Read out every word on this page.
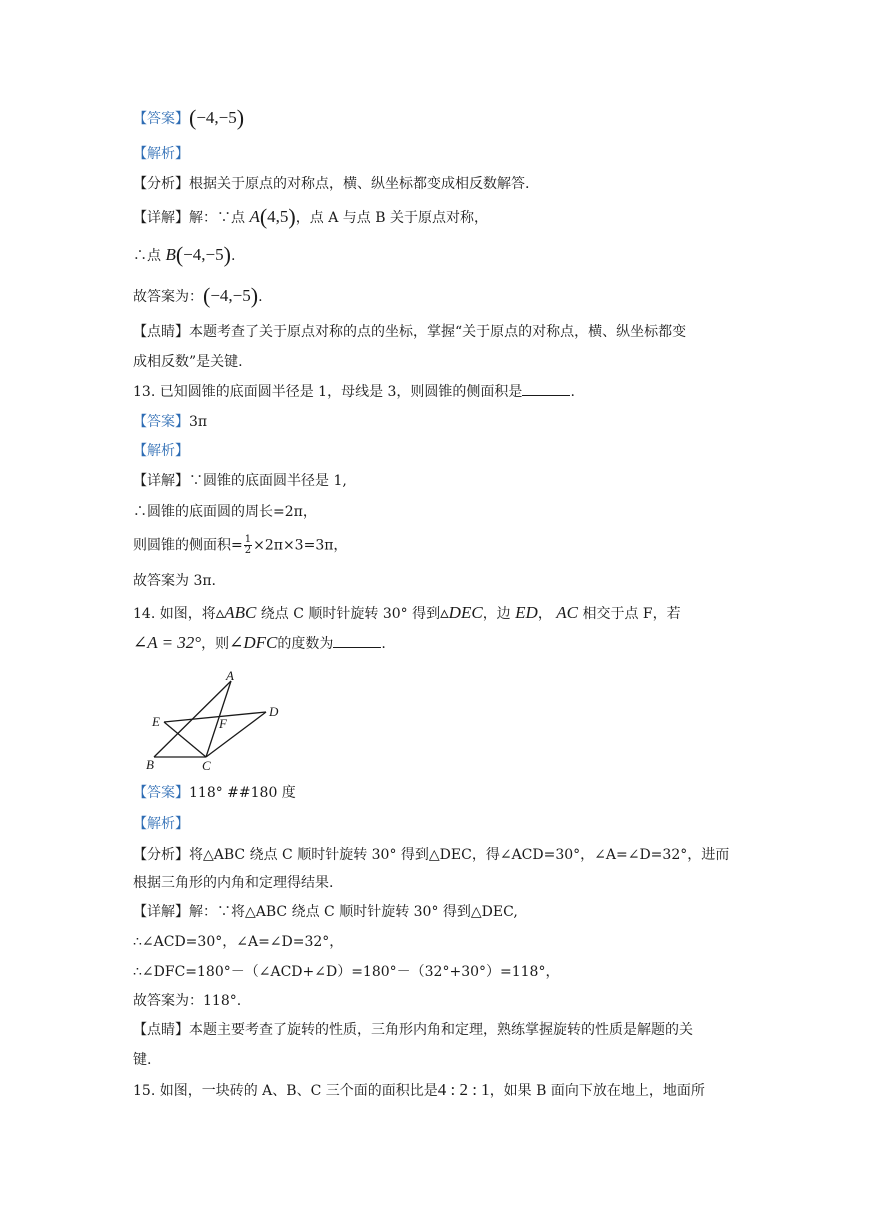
【答案】(−4,−5)
【解析】
【分析】根据关于原点的对称点，横、纵坐标都变成相反数解答.
【详解】解：∵点 A(4,5)，点 A 与点 B 关于原点对称，
∴点 B(−4,−5).
故答案为：(−4,−5).
【点睛】本题考查了关于原点对称的点的坐标，掌握“关于原点的对称点，横、纵坐标都变
成相反数”是关键.
13. 已知圆锥的底面圆半径是 1，母线是 3，则圆锥的侧面积是	.
【答案】3π
【解析】
【详解】∵圆锥的底面圆半径是 1,
∴圆锥的底面圆的周长=2π，
则圆锥的侧面积= $\frac{1}{2} \times 2\pi\times 3=3\pi$，
故答案为 3π.
14. 如图，将▵ABC 绕点 C 顺时针旋转 30° 得到▵DEC，边 ED， AC 相交于点 F，若
∠A = 32°，则∠DFC的度数为	.
A
B	C
D
E	F
【答案】118° ##180 度
【解析】
【分析】将△ABC 绕点 C 顺时针旋转 30° 得到△DEC，得∠ACD=30°，∠A=∠D=32°，进而
根据三角形的内角和定理得结果.
【详解】解：∵将△ABC 绕点 C 顺时针旋转 30° 得到△DEC,
∴∠ACD=30°，∠A=∠D=32°，
∴∠DFC=180°－（∠ACD+∠D）=180°－（32°+30°）=118°，
故答案为：118°.
【点睛】本题主要考查了旋转的性质，三角形内角和定理，熟练掌握旋转的性质是解题的关
键.
15. 如图，一块砖的 A、B、C 三个面的面积比是4 : 2 : 1，如果 B 面向下放在地上，地面所
